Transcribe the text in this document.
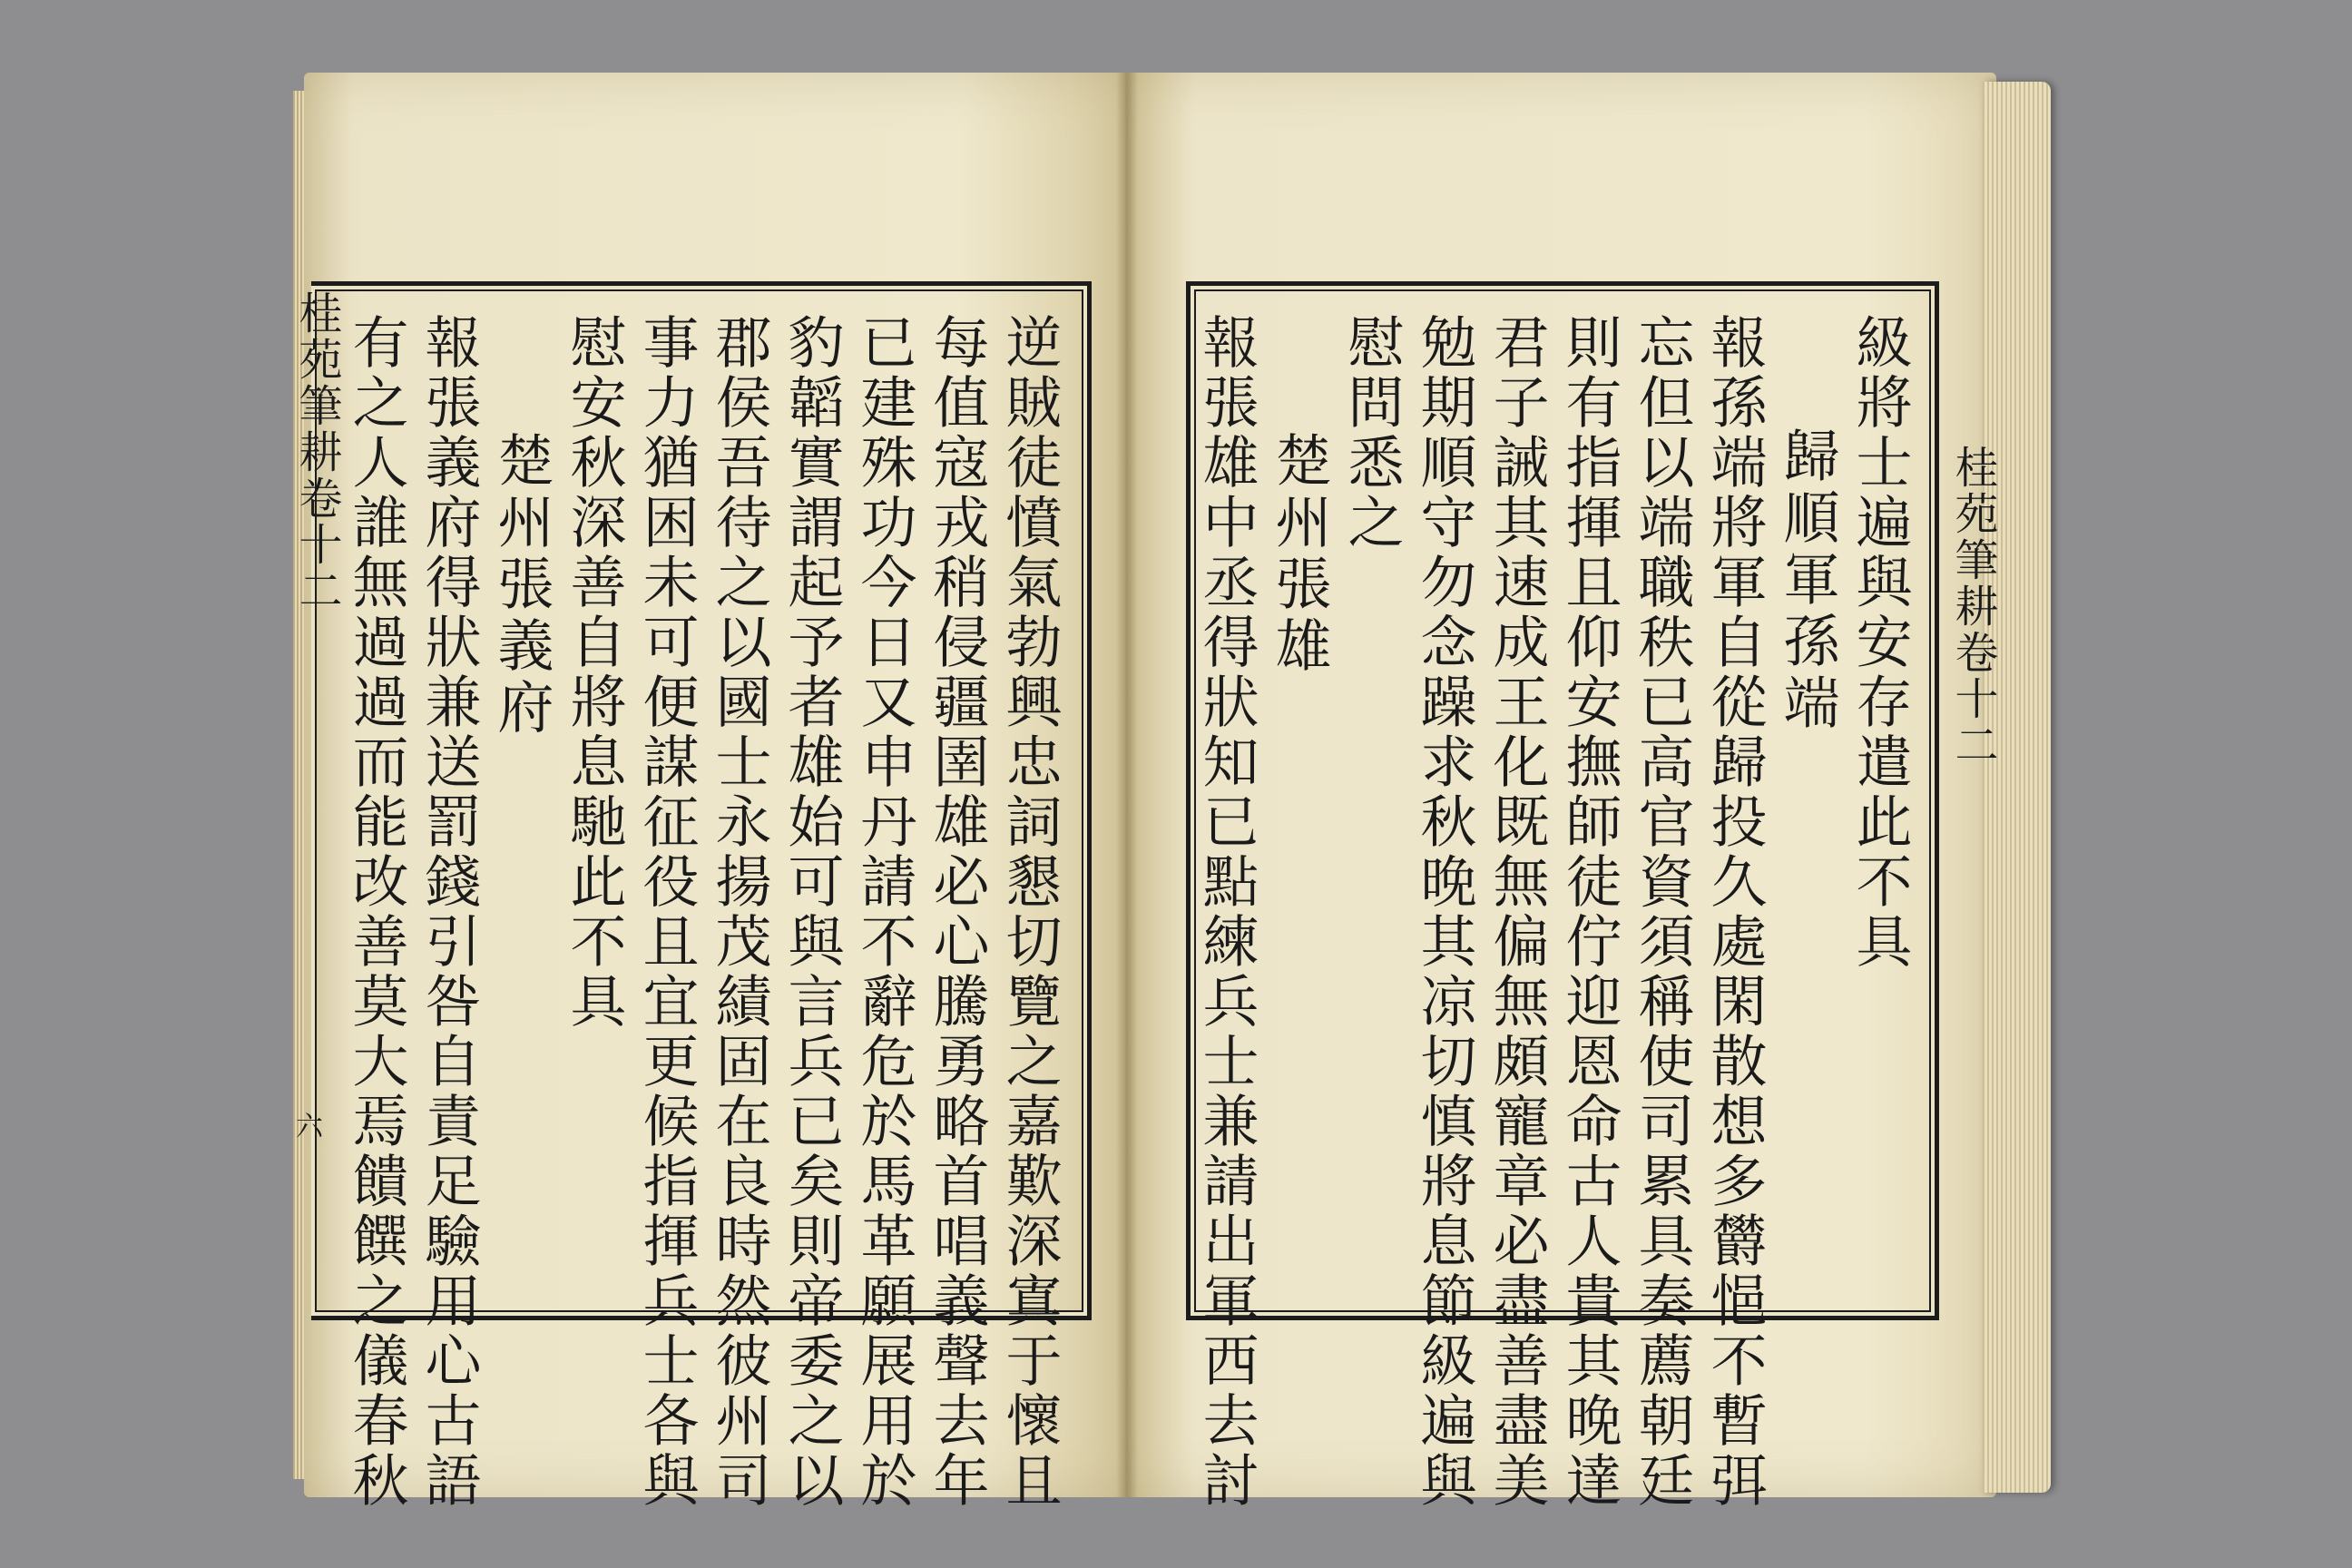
桂苑筆耕卷十二
六	逆賊徒憤氣勃興忠詞懇切覽之嘉歎深寘于懷且
每值寇戎稍侵疆圉雄必心騰勇略首唱義聲去年
已建殊功今日又申丹請不辭危於馬革願展用於
豹韜實謂起予者雄始可與言兵已矣則帝委之以
郡侯吾待之以國士永揚茂績固在良時然彼州司
事力猶困未可便謀征役且宜更候指揮兵士各與
慰安秋深善自將息馳此不具
楚州張義府
報張義府得狀兼送罰錢引咎自責足驗用心古語
有之人誰無過過而能改善莫大焉饋饌之儀春秋	桂苑筆耕卷十二
級將士遍與安存遣此不具
歸順軍孫端
報孫端將軍自從歸投久處閑散想多欝悒不暫弭
忘但以端職秩已高官資須稱使司累具奏薦朝廷
則有指揮且仰安撫師徒佇迎恩命古人貴其晚達
君子誡其速成王化既無偏無頗寵章必盡善盡美
勉期順守勿念躁求秋晚其凉切慎將息節級遍與
慰問悉之
楚州張雄
報張雄中丞得狀知已點練兵士兼請出軍西去討
